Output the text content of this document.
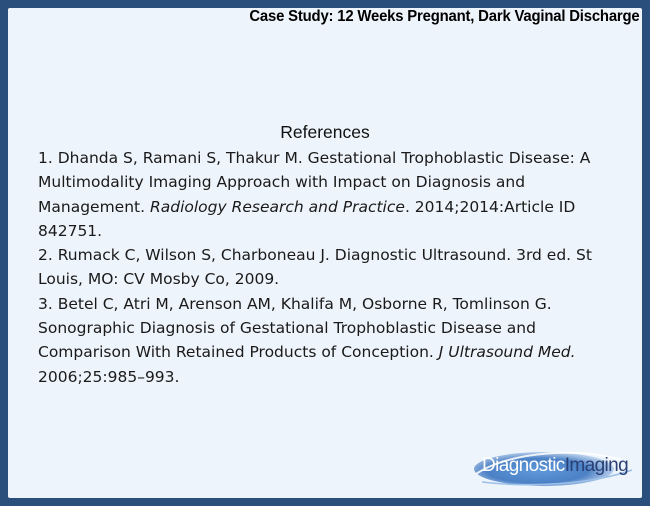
Case Study: 12 Weeks Pregnant, Dark Vaginal Discharge
References

1. Dhanda S, Ramani S, Thakur M. Gestational Trophoblastic Disease: A Multimodality Imaging Approach with Impact on Diagnosis and Management. Radiology Research and Practice. 2014;2014:Article ID 842751.

2. Rumack C, Wilson S, Charboneau J. Diagnostic Ultrasound. 3rd ed. St Louis, MO: CV Mosby Co, 2009.

3. Betel C, Atri M, Arenson AM, Khalifa M, Osborne R, Tomlinson G. Sonographic Diagnosis of Gestational Trophoblastic Disease and Comparison With Retained Products of Conception. J Ultrasound Med. 2006;25:985–993.

DiagnosticImaging
